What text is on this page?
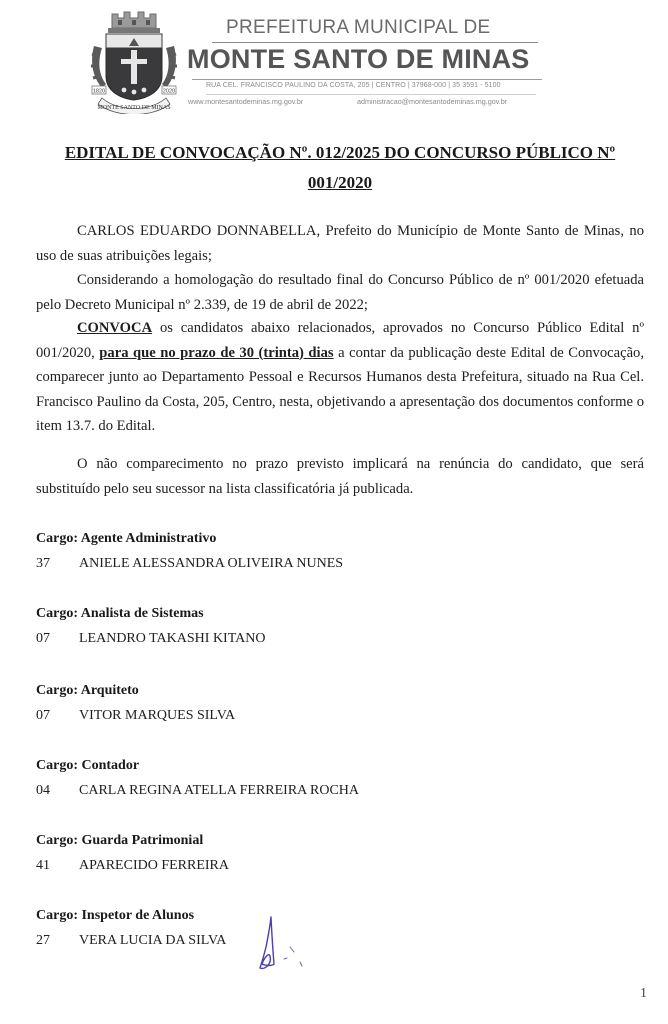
1820	2020
MONTE SANTO DE MINAS
PREFEITURA MUNICIPAL DE
MONTE SANTO DE MINAS
RUA CEL. FRANCISCO PAULINO DA COSTA, 205 | CENTRO | 37968-000 | 35 3591 - 5100
www.montesantodeminas.mg.gov.br	administracao@montesantodeminas.mg.gov.br
EDITAL DE CONVOCAÇÃO Nº. 012/2025 DO CONCURSO PÚBLICO Nº
001/2020
CARLOS EDUARDO DONNABELLA, Prefeito do Município de Monte Santo de Minas, no uso de suas atribuições legais;
Considerando a homologação do resultado final do Concurso Público de nº 001/2020 efetuada pelo Decreto Municipal nº 2.339, de 19 de abril de 2022;
CONVOCA os candidatos abaixo relacionados, aprovados no Concurso Público Edital nº 001/2020, para que no prazo de 30 (trinta) dias a contar da publicação deste Edital de Convocação, comparecer junto ao Departamento Pessoal e Recursos Humanos desta Prefeitura, situado na Rua Cel. Francisco Paulino da Costa, 205, Centro, nesta, objetivando a apresentação dos documentos conforme o item 13.7. do Edital.
O não comparecimento no prazo previsto implicará na renúncia do candidato, que será substituído pelo seu sucessor na lista classificatória já publicada.
Cargo: Agente Administrativo
37 ANIELE ALESSANDRA OLIVEIRA NUNES
Cargo: Analista de Sistemas
07 LEANDRO TAKASHI KITANO
Cargo: Arquiteto
07 VITOR MARQUES SILVA
Cargo: Contador
04 CARLA REGINA ATELLA FERREIRA ROCHA
Cargo: Guarda Patrimonial
41 APARECIDO FERREIRA
Cargo: Inspetor de Alunos
27 VERA LUCIA DA SILVA
1
